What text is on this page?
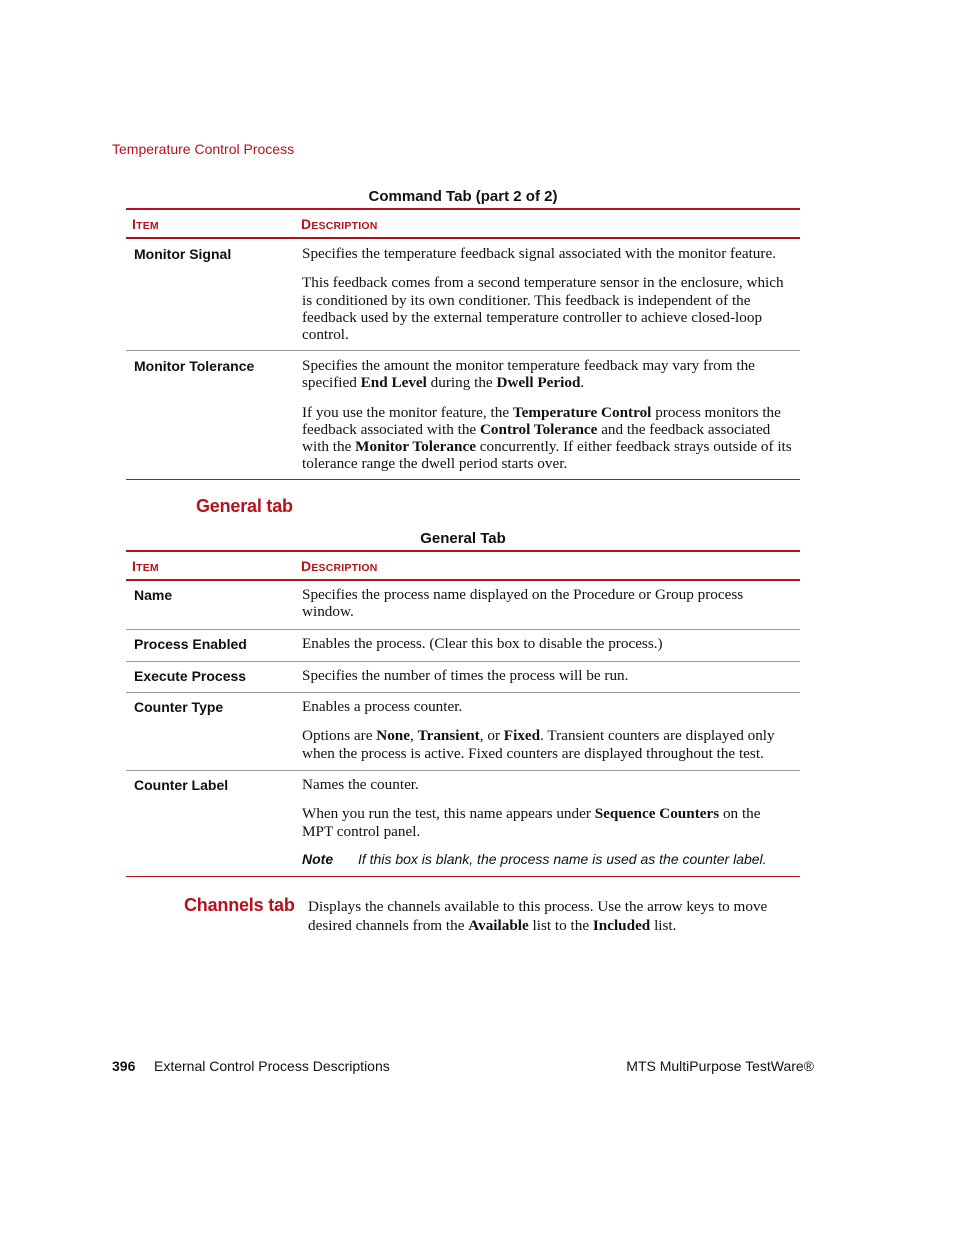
Temperature Control Process
Command Tab (part 2 of 2)
ITEM	DESCRIPTION
Monitor Signal	Specifies the temperature feedback signal associated with the monitor feature.

This feedback comes from a second temperature sensor in the enclosure, which is conditioned by its own conditioner. This feedback is independent of the feedback used by the external temperature controller to achieve closed-loop control.

Monitor Tolerance	Specifies the amount the monitor temperature feedback may vary from the specified End Level during the Dwell Period.

If you use the monitor feature, the Temperature Control process monitors the feedback associated with the Control Tolerance and the feedback associated with the Monitor Tolerance concurrently. If either feedback strays outside of its tolerance range the dwell period starts over.

General tab
General Tab
ITEM	DESCRIPTION
Name	Specifies the process name displayed on the Procedure or Group process window.

Process Enabled	Enables the process. (Clear this box to disable the process.)

Execute Process	Specifies the number of times the process will be run.

Counter Type	Enables a process counter.

Options are None, Transient, or Fixed. Transient counters are displayed only when the process is active. Fixed counters are displayed throughout the test.

Counter Label	Names the counter.

When you run the test, this name appears under Sequence Counters on the MPT control panel.

Note If this box is blank, the process name is used as the counter label.
Channels tab Displays the channels available to this process. Use the arrow keys to move desired channels from the Available list to the Included list.
396 External Control Process Descriptions	MTS MultiPurpose TestWare®
